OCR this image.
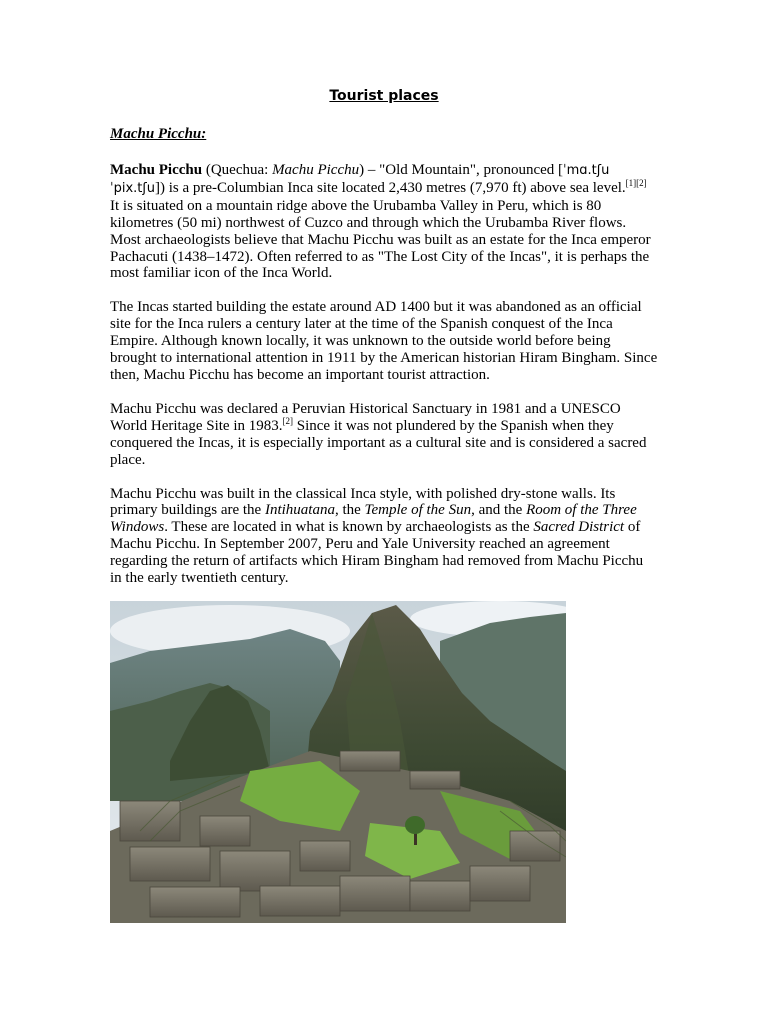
Tourist places
Machu Picchu:

Machu Picchu (Quechua: Machu Picchu) – "Old Mountain", pronounced [ˈmɑ.tʃu ˈpix.tʃu]) is a pre-Columbian Inca site located 2,430 metres (7,970 ft) above sea level.[1][2] It is situated on a mountain ridge above the Urubamba Valley in Peru, which is 80 kilometres (50 mi) northwest of Cuzco and through which the Urubamba River flows. Most archaeologists believe that Machu Picchu was built as an estate for the Inca emperor Pachacuti (1438–1472). Often referred to as "The Lost City of the Incas", it is perhaps the most familiar icon of the Inca World.

The Incas started building the estate around AD 1400 but it was abandoned as an official site for the Inca rulers a century later at the time of the Spanish conquest of the Inca Empire. Although known locally, it was unknown to the outside world before being brought to international attention in 1911 by the American historian Hiram Bingham. Since then, Machu Picchu has become an important tourist attraction.

Machu Picchu was declared a Peruvian Historical Sanctuary in 1981 and a UNESCO World Heritage Site in 1983.[2] Since it was not plundered by the Spanish when they conquered the Incas, it is especially important as a cultural site and is considered a sacred place.

Machu Picchu was built in the classical Inca style, with polished dry-stone walls. Its primary buildings are the Intihuatana, the Temple of the Sun, and the Room of the Three Windows. These are located in what is known by archaeologists as the Sacred District of Machu Picchu. In September 2007, Peru and Yale University reached an agreement regarding the return of artifacts which Hiram Bingham had removed from Machu Picchu in the early twentieth century.
